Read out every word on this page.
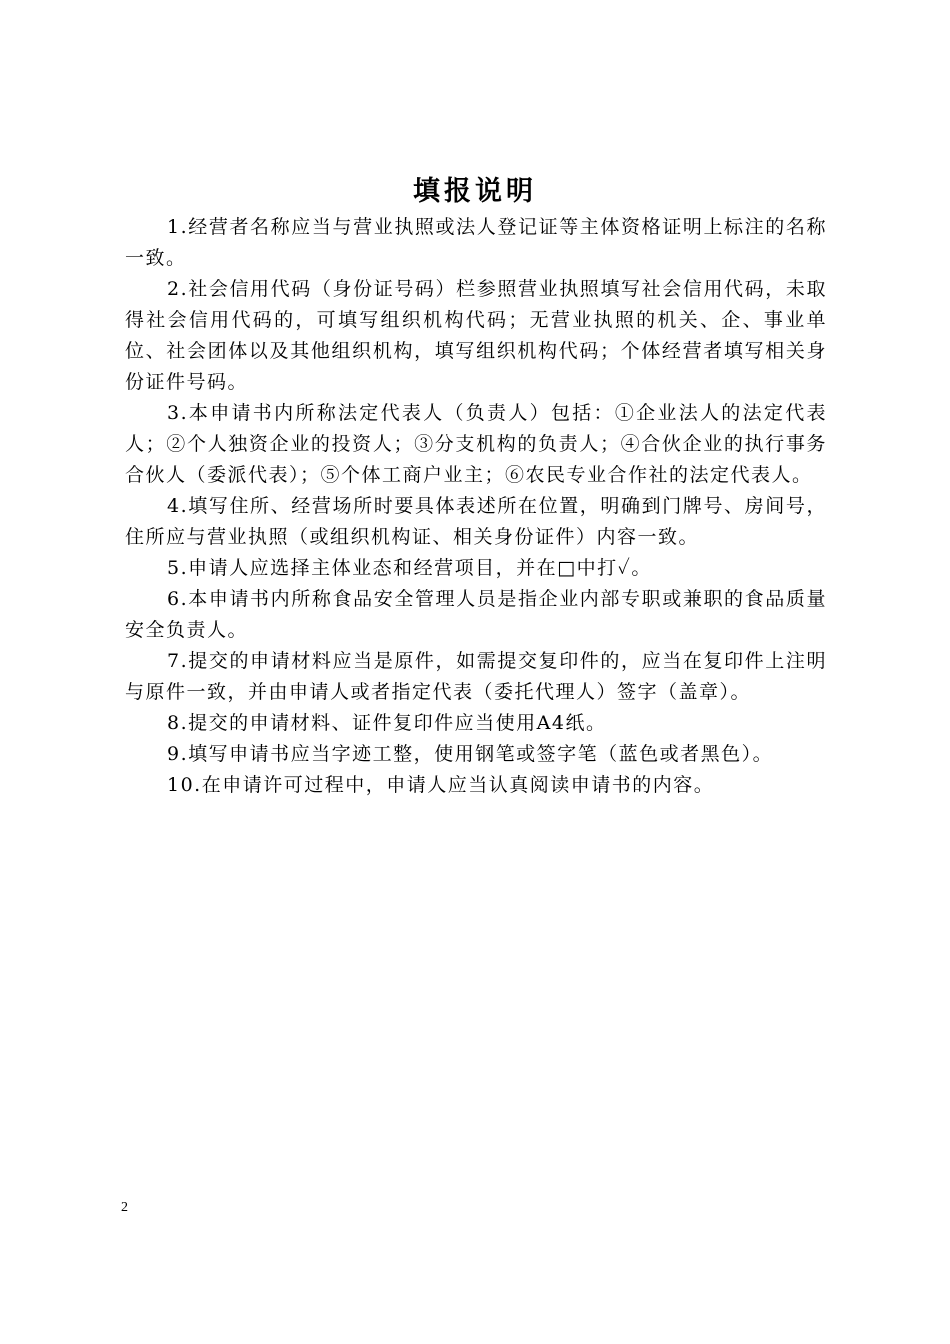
填报说明

1.经营者名称应当与营业执照或法人登记证等主体资格证明上标注的名称一致。

2.社会信用代码（身份证号码）栏参照营业执照填写社会信用代码，未取得社会信用代码的，可填写组织机构代码；无营业执照的机关、企、事业单位、社会团体以及其他组织机构，填写组织机构代码；个体经营者填写相关身份证件号码。

3.本申请书内所称法定代表人（负责人）包括：①企业法人的法定代表人；②个人独资企业的投资人；③分支机构的负责人；④合伙企业的执行事务合伙人（委派代表）；⑤个体工商户业主；⑥农民专业合作社的法定代表人。

4.填写住所、经营场所时要具体表述所在位置，明确到门牌号、房间号，住所应与营业执照（或组织机构证、相关身份证件）内容一致。

5.申请人应选择主体业态和经营项目，并在□中打✓。

6.本申请书内所称食品安全管理人员是指企业内部专职或兼职的食品质量安全负责人。

7.提交的申请材料应当是原件，如需提交复印件的，应当在复印件上注明与原件一致，并由申请人或者指定代表（委托代理人）签字（盖章）。

8.提交的申请材料、证件复印件应当使用A4纸。

9.填写申请书应当字迹工整，使用钢笔或签字笔（蓝色或者黑色）。

10.在申请许可过程中，申请人应当认真阅读申请书的内容。

2
